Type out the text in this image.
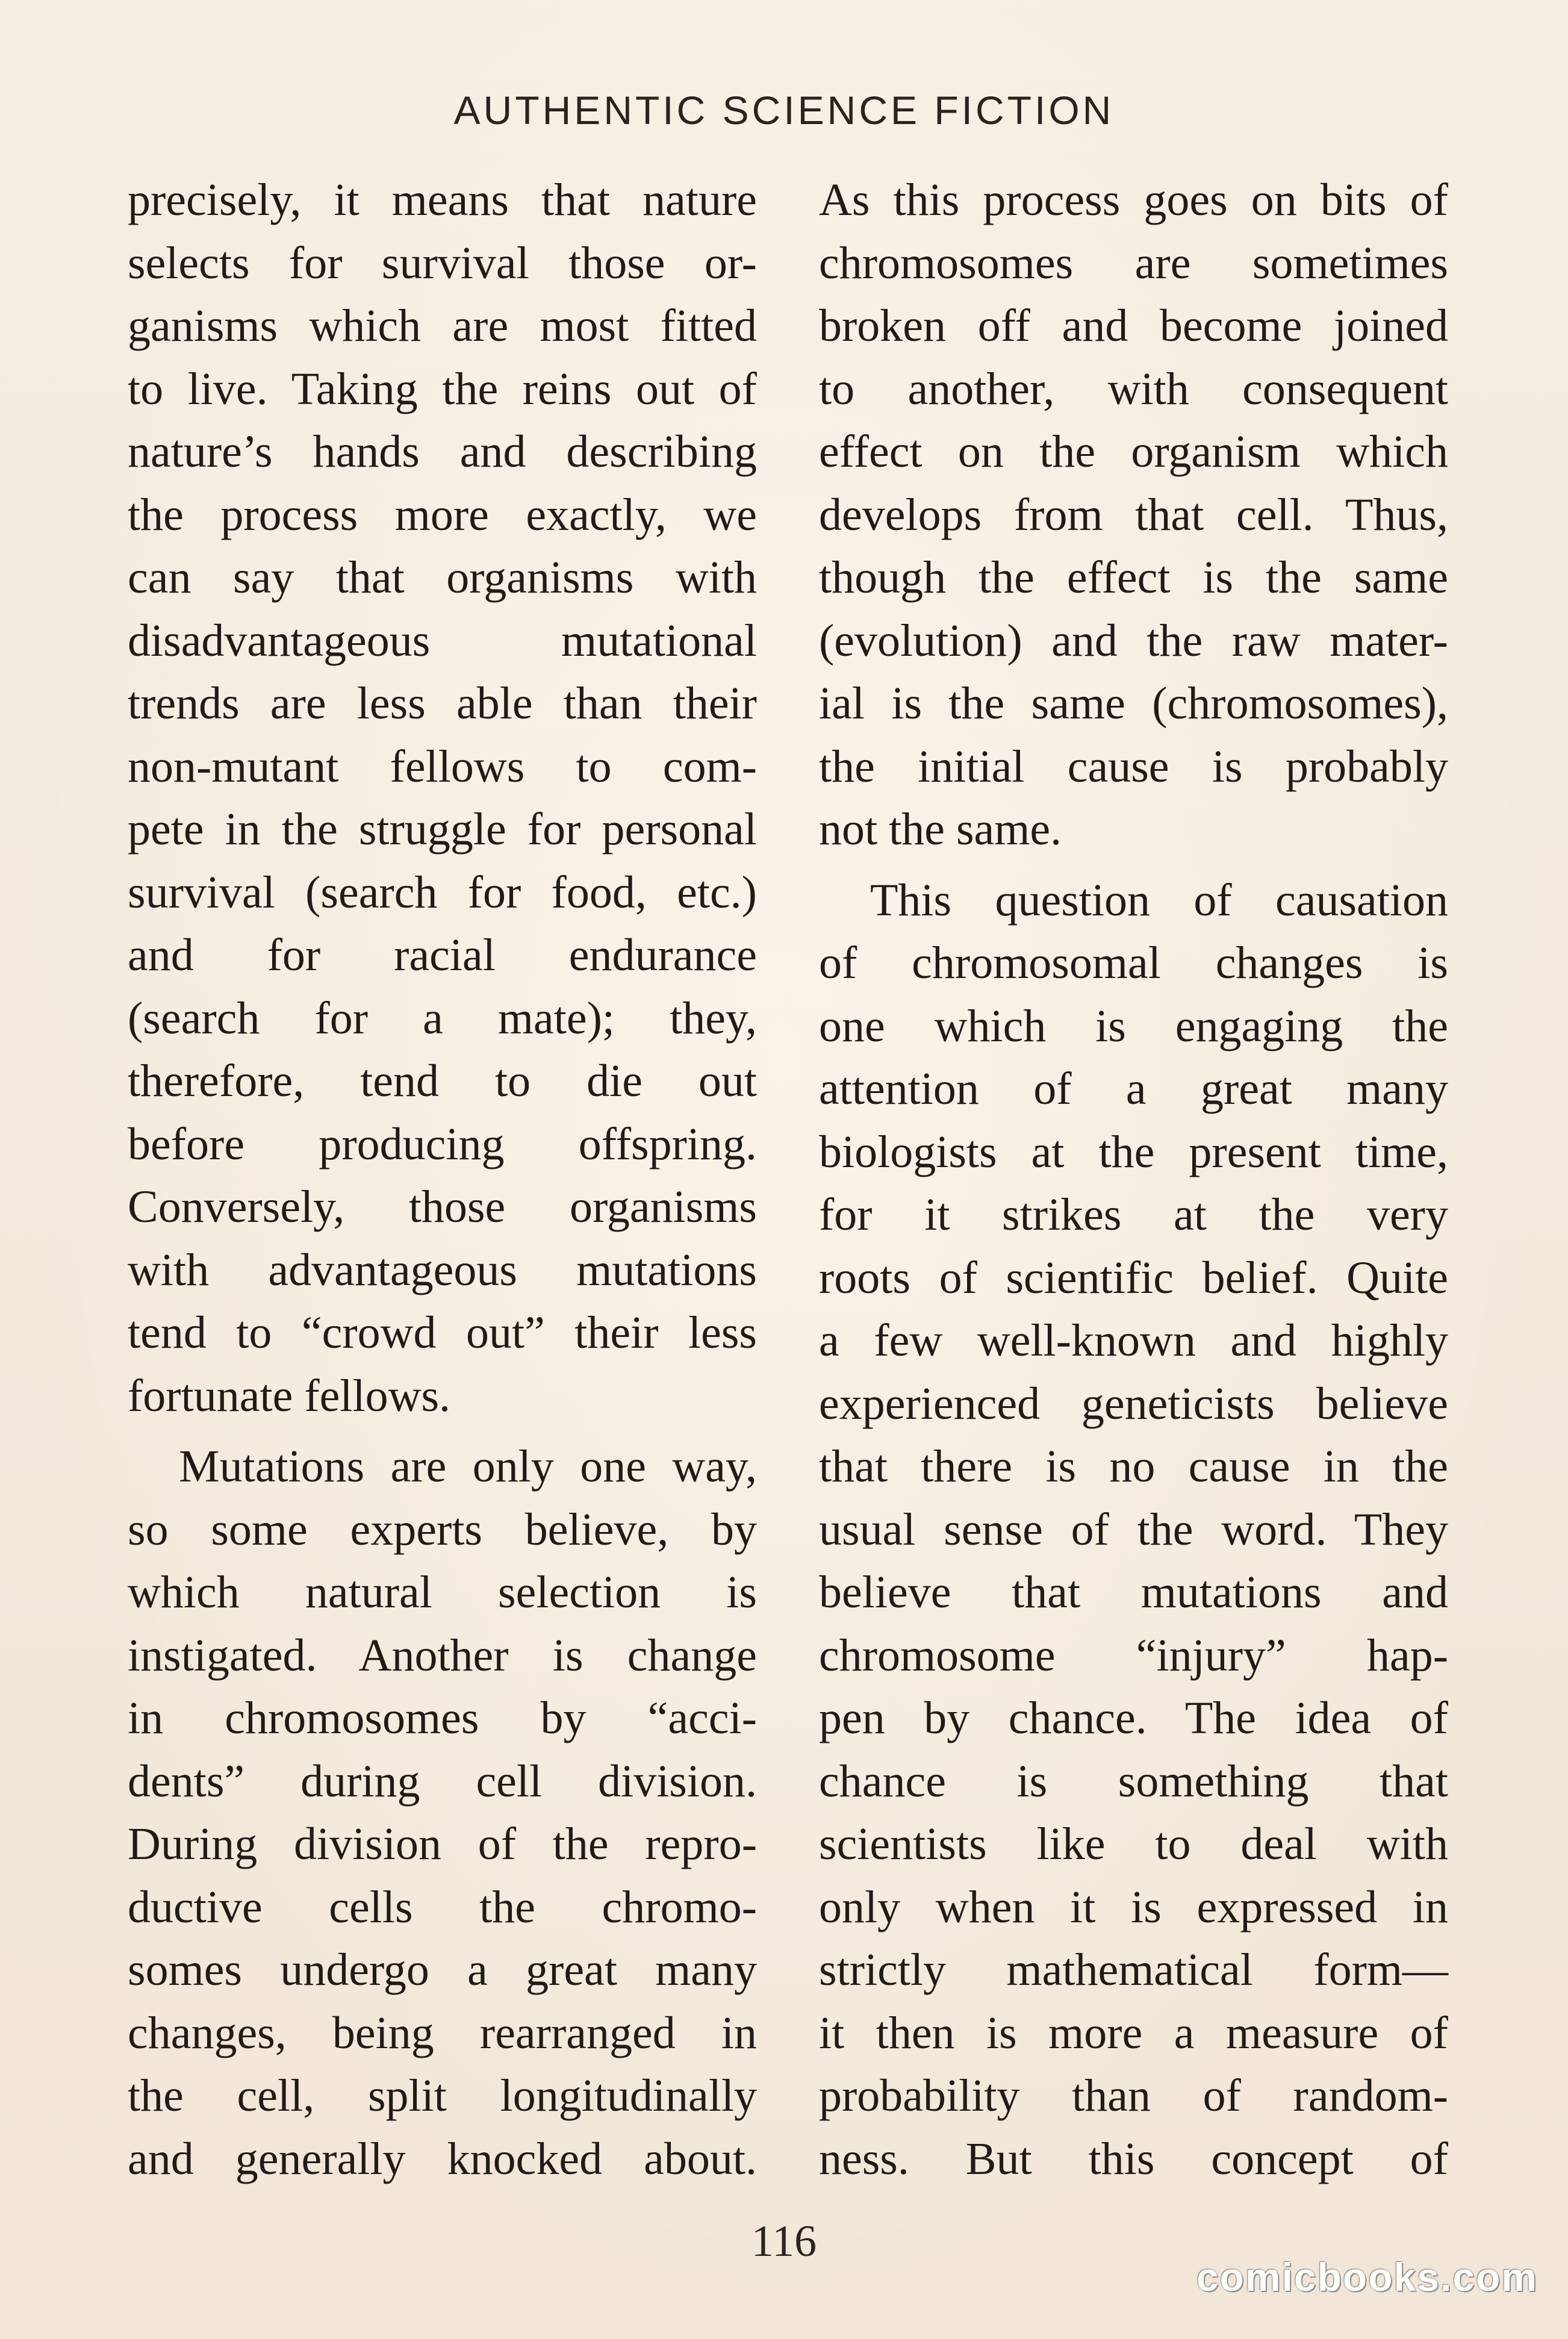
AUTHENTIC SCIENCE FICTION
precisely, it means that nature
selects for survival those or-
ganisms which are most fitted
to live. Taking the reins out of
nature’s hands and describing
the process more exactly, we
can say that organisms with
disadvantageous mutational
trends are less able than their
non-mutant fellows to com-
pete in the struggle for personal
survival (search for food, etc.)
and for racial endurance
(search for a mate); they,
therefore, tend to die out
before producing offspring.
Conversely, those organisms
with advantageous mutations
tend to “crowd out” their less
fortunate fellows.
Mutations are only one way,
so some experts believe, by
which natural selection is
instigated. Another is change
in chromosomes by “acci-
dents” during cell division.
During division of the repro-
ductive cells the chromo-
somes undergo a great many
changes, being rearranged in
the cell, split longitudinally
and generally knocked about.
As this process goes on bits of
chromosomes are sometimes
broken off and become joined
to another, with consequent
effect on the organism which
develops from that cell. Thus,
though the effect is the same
(evolution) and the raw mater-
ial is the same (chromosomes),
the initial cause is probably
not the same.
This question of causation
of chromosomal changes is
one which is engaging the
attention of a great many
biologists at the present time,
for it strikes at the very
roots of scientific belief. Quite
a few well-known and highly
experienced geneticists believe
that there is no cause in the
usual sense of the word. They
believe that mutations and
chromosome “injury” hap-
pen by chance. The idea of
chance is something that
scientists like to deal with
only when it is expressed in
strictly mathematical form—
it then is more a measure of
probability than of random-
ness. But this concept of
116
comicbooks.com
